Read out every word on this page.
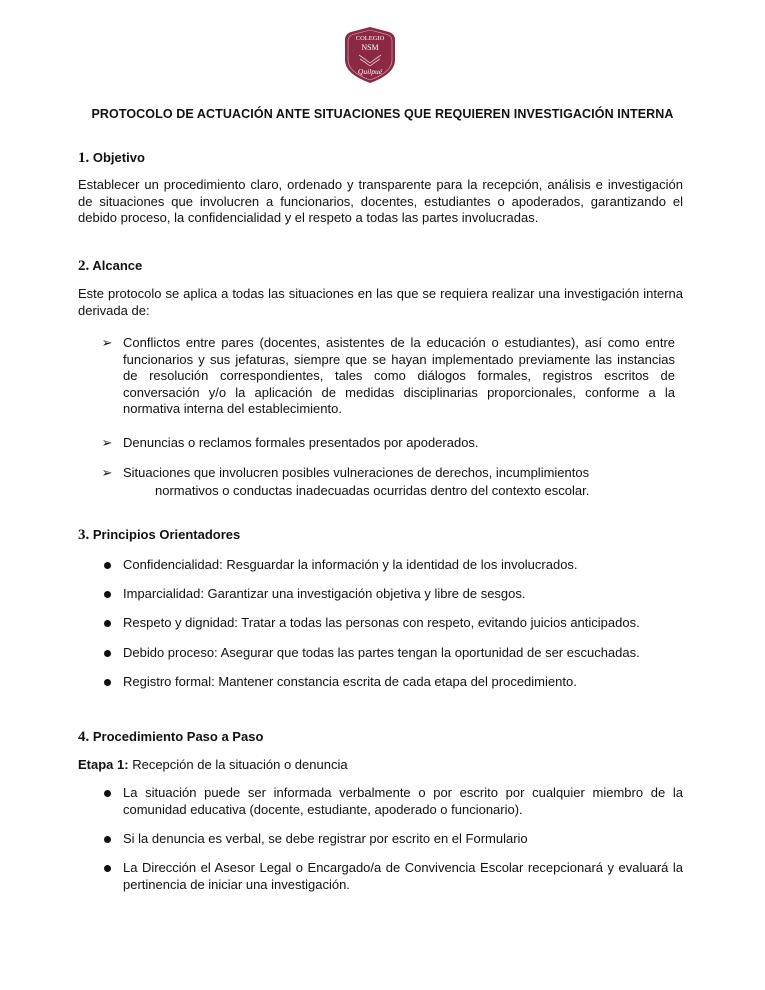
COLEGIO
NSM
Quilpué
PROTOCOLO DE ACTUACIÓN ANTE SITUACIONES QUE REQUIEREN INVESTIGACIÓN INTERNA
1. Objetivo
Establecer un procedimiento claro, ordenado y transparente para la recepción, análisis e investigación de situaciones que involucren a funcionarios, docentes, estudiantes o apoderados, garantizando el debido proceso, la confidencialidad y el respeto a todas las partes involucradas.
2. Alcance
Este protocolo se aplica a todas las situaciones en las que se requiera realizar una investigación interna derivada de:
➢ Conflictos entre pares (docentes, asistentes de la educación o estudiantes), así como entre funcionarios y sus jefaturas, siempre que se hayan implementado previamente las instancias de resolución correspondientes, tales como diálogos formales, registros escritos de conversación y/o la aplicación de medidas disciplinarias proporcionales, conforme a la normativa interna del establecimiento.
➢ Denuncias o reclamos formales presentados por apoderados.
➢ Situaciones que involucren posibles vulneraciones de derechos, incumplimientos
normativos o conductas inadecuadas ocurridas dentro del contexto escolar.
3. Principios Orientadores
Confidencialidad: Resguardar la información y la identidad de los involucrados.
Imparcialidad: Garantizar una investigación objetiva y libre de sesgos.
Respeto y dignidad: Tratar a todas las personas con respeto, evitando juicios anticipados.
Debido proceso: Asegurar que todas las partes tengan la oportunidad de ser escuchadas.
Registro formal: Mantener constancia escrita de cada etapa del procedimiento.
4. Procedimiento Paso a Paso
Etapa 1: Recepción de la situación o denuncia
La situación puede ser informada verbalmente o por escrito por cualquier miembro de la comunidad educativa (docente, estudiante, apoderado o funcionario).
Si la denuncia es verbal, se debe registrar por escrito en el Formulario
La Dirección el Asesor Legal o Encargado/a de Convivencia Escolar recepcionará y evaluará la pertinencia de iniciar una investigación.
